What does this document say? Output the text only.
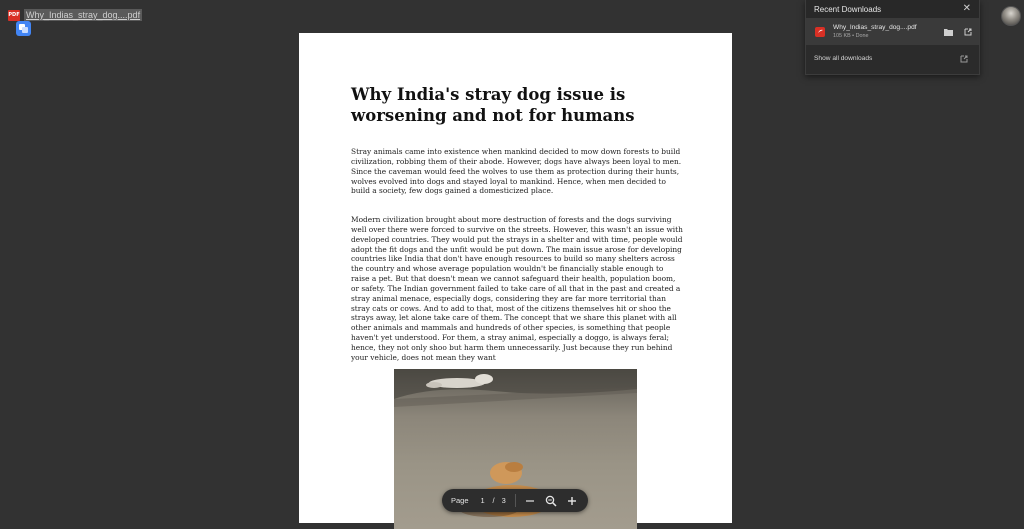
PDF Why_Indias_stray_dog....pdf
Why India's stray dog issue is worsening and not for humans
Stray animals came into existence when mankind decided to mow down forests to build civilization, robbing them of their abode. However, dogs have always been loyal to men. Since the caveman would feed the wolves to use them as protection during their hunts, wolves evolved into dogs and stayed loyal to mankind. Hence, when men decided to build a society, few dogs gained a domesticized place.
Modern civilization brought about more destruction of forests and the dogs surviving well over there were forced to survive on the streets. However, this wasn't an issue with developed countries. They would put the strays in a shelter and with time, people would adopt the fit dogs and the unfit would be put down. The main issue arose for developing countries like India that don't have enough resources to build so many shelters across the country and whose average population wouldn't be financially stable enough to raise a pet. But that doesn't mean we cannot safeguard their health, population boom, or safety. The Indian government failed to take care of all that in the past and created a stray animal menace, especially dogs, considering they are far more territorial than stray cats or cows. And to add to that, most of the citizens themselves hit or shoo the strays away, let alone take care of them. The concept that we share this planet with all other animals and mammals and hundreds of other species, is something that people haven't yet understood. For them, a stray animal, especially a doggo, is always feral; hence, they not only shoo but harm them unnecessarily. Just because they run behind your vehicle, does not mean they want
Recent Downloads	✕
Why_Indias_stray_dog....pdf
105 KB • Done
Show all downloads
Page	1	/ 3
